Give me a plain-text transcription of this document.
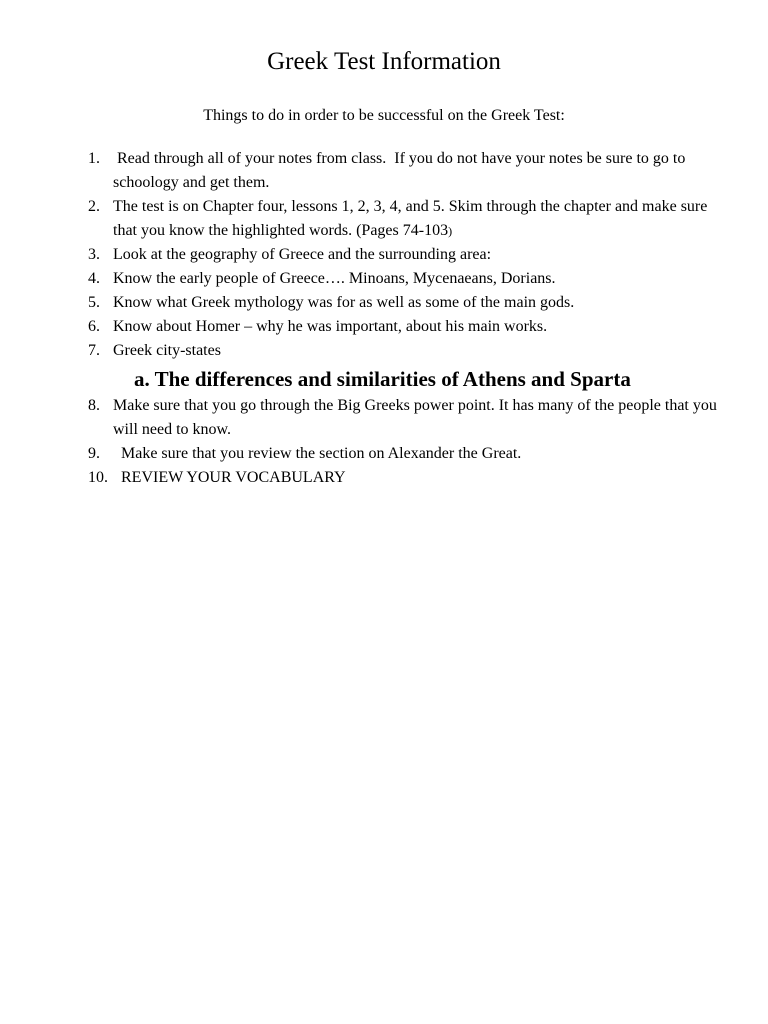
Greek Test Information
Things to do in order to be successful on the Greek Test:
1. Read through all of your notes from class.  If you do not have your notes be sure to go to schoology and get them.
2. The test is on Chapter four, lessons 1, 2, 3, 4, and 5. Skim through the chapter and make sure that you know the highlighted words. (Pages 74-103)
3. Look at the geography of Greece and the surrounding area:
4. Know the early people of Greece…. Minoans, Mycenaeans, Dorians.
5. Know what Greek mythology was for as well as some of the main gods.
6. Know about Homer – why he was important, about his main works.
7. Greek city-states
a. The differences and similarities of Athens and Sparta
8. Make sure that you go through the Big Greeks power point. It has many of the people that you will need to know.
9. Make sure that you review the section on Alexander the Great.
10. REVIEW YOUR VOCABULARY
